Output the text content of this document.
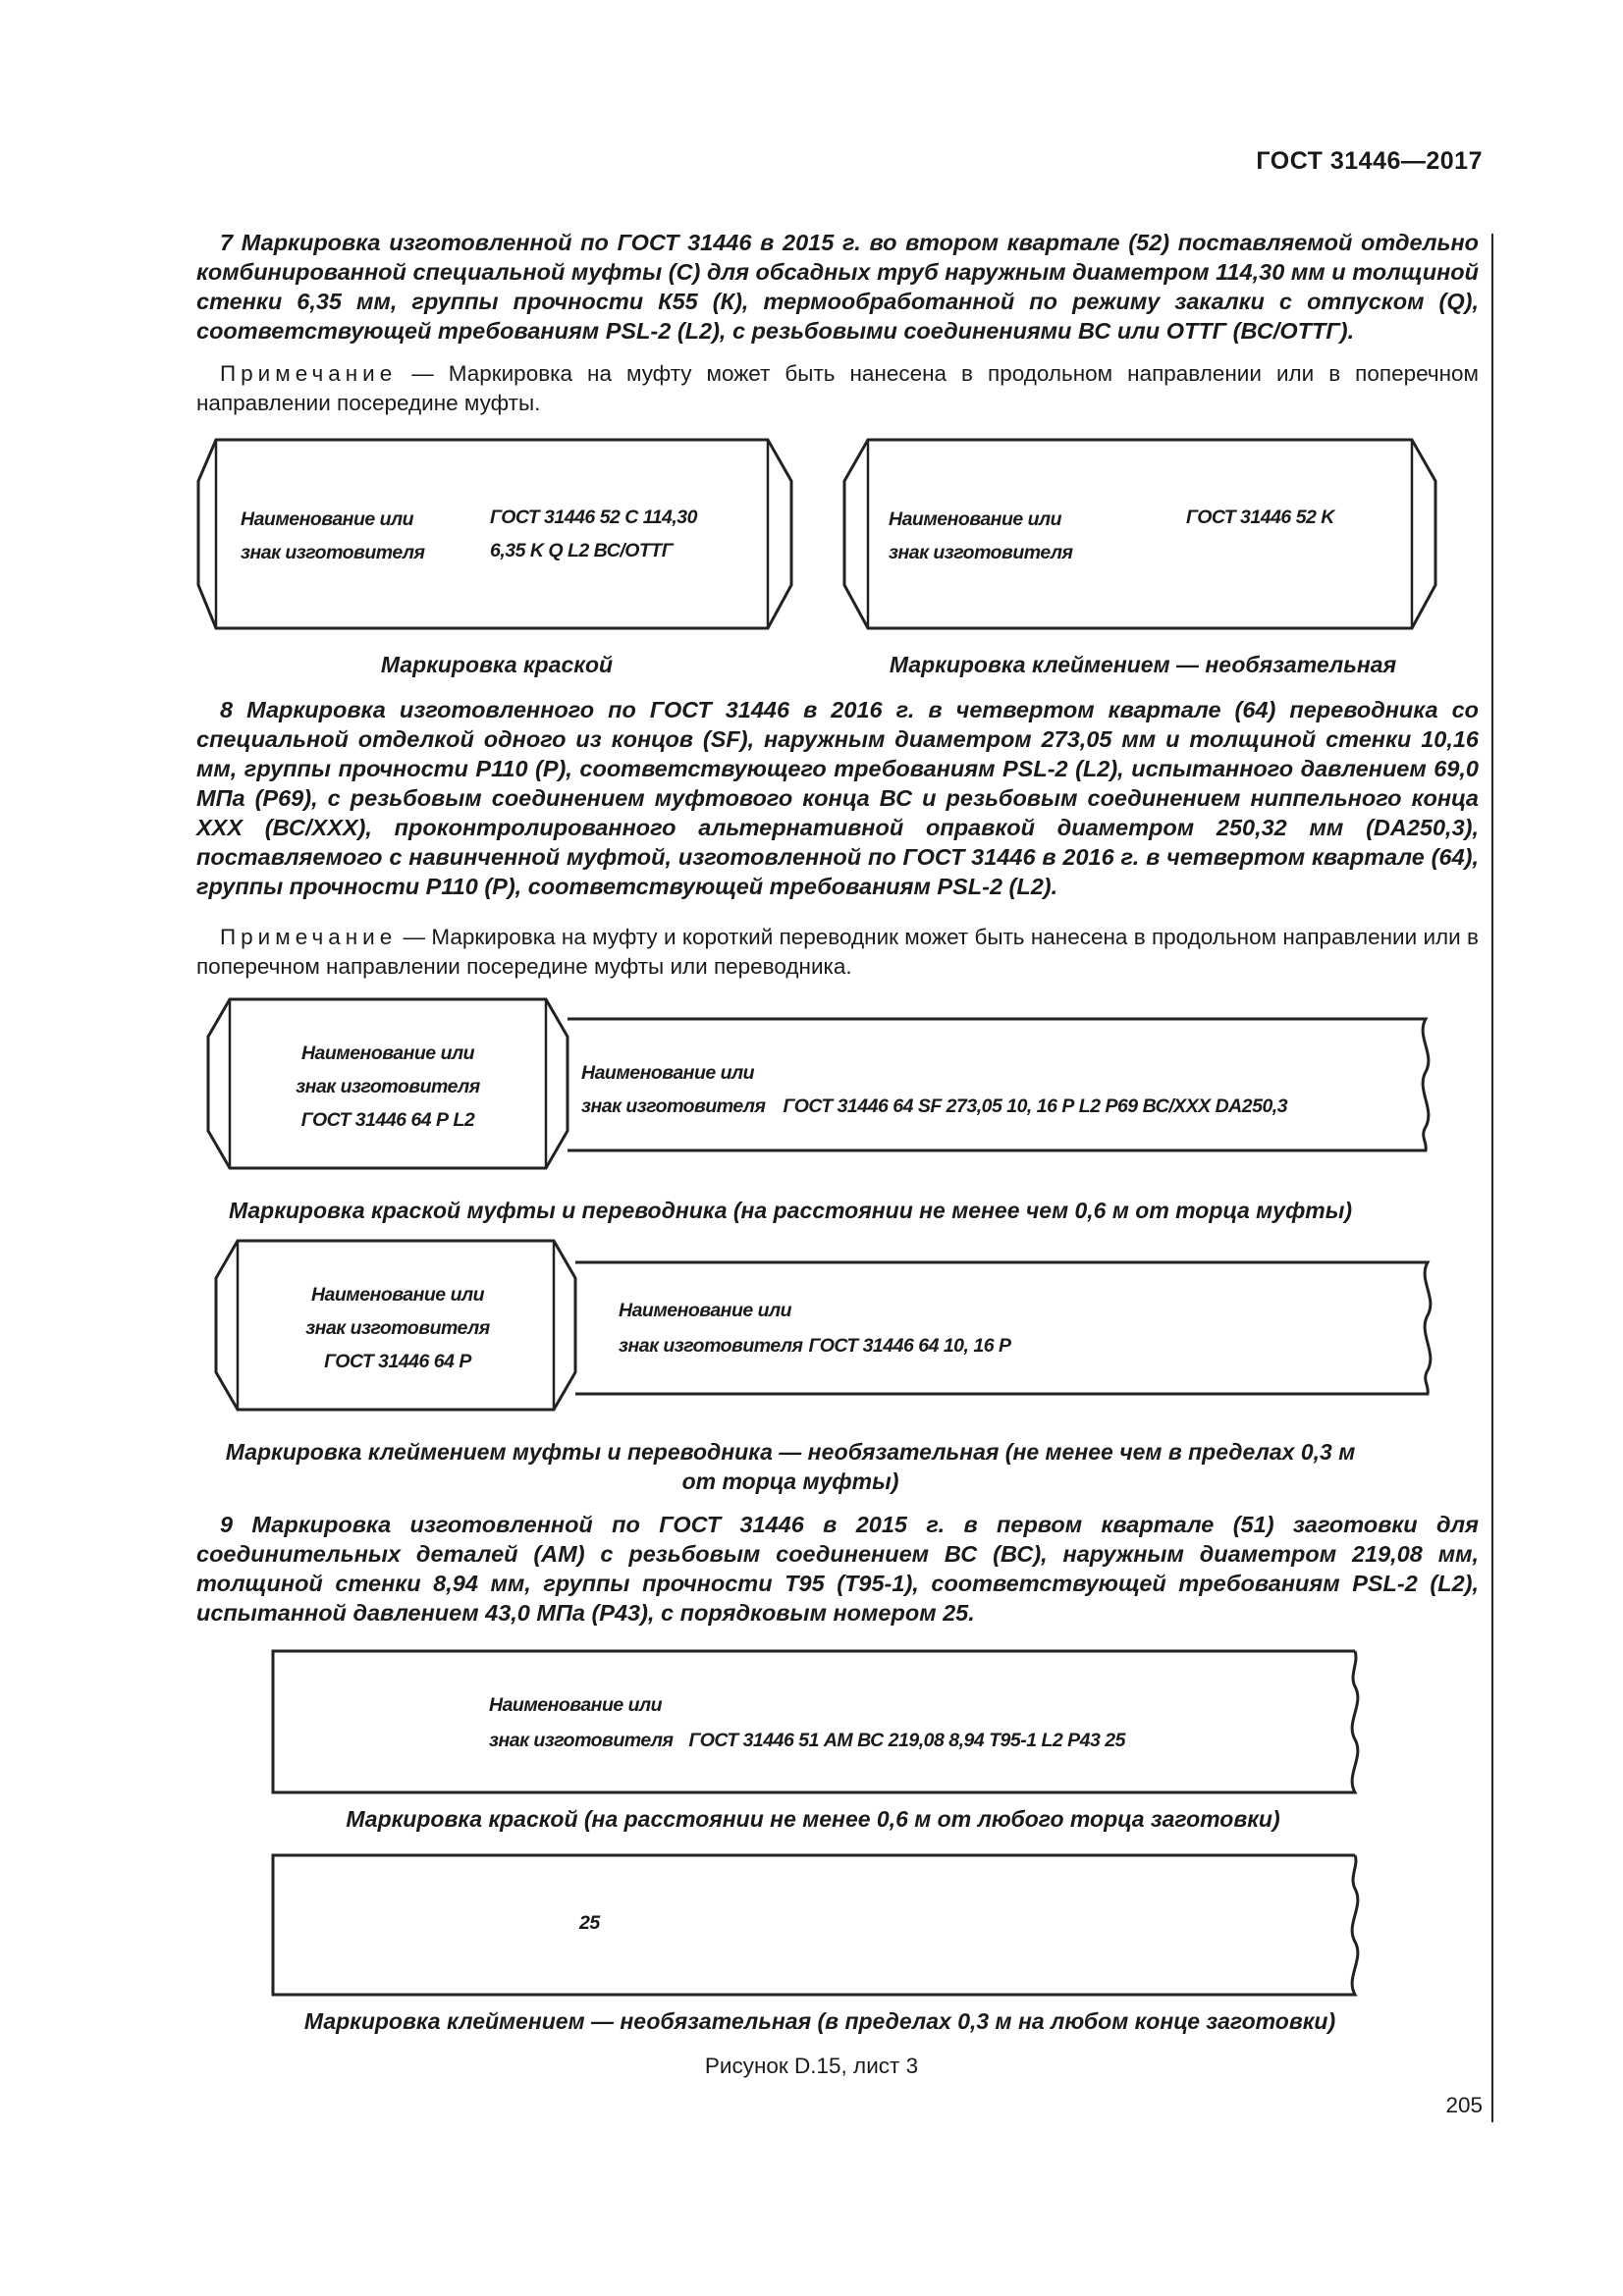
ГОСТ 31446—2017
7 Маркировка изготовленной по ГОСТ 31446 в 2015 г. во втором квартале (52) поставляемой отдельно комбинированной специальной муфты (С) для обсадных труб наружным диаметром 114,30 мм и толщиной стенки 6,35 мм, группы прочности К55 (К), термообработанной по режиму закалки с отпуском (Q), соответствующей требованиям PSL-2 (L2), с резьбовыми соединениями ВС или ОТТГ (ВС/ОТТГ).
Примечание — Маркировка на муфту может быть нанесена в продольном направлении или в поперечном направлении посередине муфты.
Наименование или
знак изготовителя
ГОСТ 31446 52 С 114,30
6,35 K Q L2 ВС/ОТТГ
Маркировка краской
Наименование или
знак изготовителя
ГОСТ 31446 52 K
Маркировка клеймением — необязательная
8 Маркировка изготовленного по ГОСТ 31446 в 2016 г. в четвертом квартале (64) переводника со специальной отделкой одного из концов (SF), наружным диаметром 273,05 мм и толщиной стенки 10,16 мм, группы прочности Р110 (Р), соответствующего требованиям PSL-2 (L2), испытанного давлением 69,0 МПа (Р69), с резьбовым соединением муфтового конца ВС и резьбовым соединением ниппельного конца ХХХ (ВС/ХХХ), проконтролированного альтернативной оправкой диаметром 250,32 мм (DA250,3), поставляемого с навинченной муфтой, изготовленной по ГОСТ 31446 в 2016 г. в четвертом квартале (64), группы прочности Р110 (Р), соответствующей требованиям PSL-2 (L2).
Примечание — Маркировка на муфту и короткий переводник может быть нанесена в продольном направлении или в поперечном направлении посередине муфты или переводника.
Наименование или
знак изготовителя
ГОСТ 31446 64 Р L2
Наименование или
знак изготовителя ГОСТ 31446 64 SF 273,05 10, 16 Р L2 P69 ВС/ХХХ DA250,3
Маркировка краской муфты и переводника (на расстоянии не менее чем 0,6 м от торца муфты)
Наименование или
знак изготовителя
ГОСТ 31446 64 Р
Наименование или
знак изготовителя ГОСТ 31446 64 10, 16 Р
Маркировка клеймением муфты и переводника — необязательная (не менее чем в пределах 0,3 м
от торца муфты)
9 Маркировка изготовленной по ГОСТ 31446 в 2015 г. в первом квартале (51) заготовки для соединительных деталей (АМ) с резьбовым соединением ВС (ВС), наружным диаметром 219,08 мм, толщиной стенки 8,94 мм, группы прочности Т95 (Т95-1), соответствующей требованиям PSL-2 (L2), испытанной давлением 43,0 МПа (Р43), с порядковым номером 25.
Наименование или
знак изготовителя ГОСТ 31446 51 АМ ВС 219,08 8,94 T95-1 L2 P43 25
Маркировка краской (на расстоянии не менее 0,6 м от любого торца заготовки)
25
Маркировка клеймением — необязательная (в пределах 0,3 м на любом конце заготовки)
Рисунок D.15, лист 3
205
